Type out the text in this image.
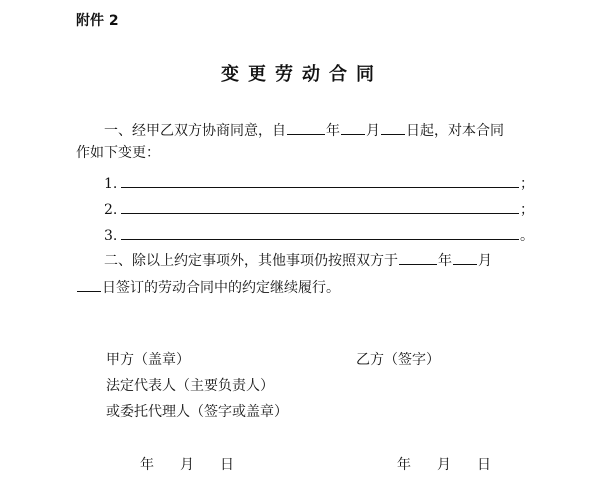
附件 2
变更劳动合同
一、经甲乙双方协商同意，自	年 月 日起，对本合同
作如下变更：
1.	；
2.	；
3.	。
二、除以上约定事项外，其他事项仍按照双方于	年 月
日签订的劳动合同中的约定继续履行。
甲方（盖章）	乙方（签字）
法定代表人（主要负责人）
或委托代理人（签字或盖章）
年 月 日	年 月 日
